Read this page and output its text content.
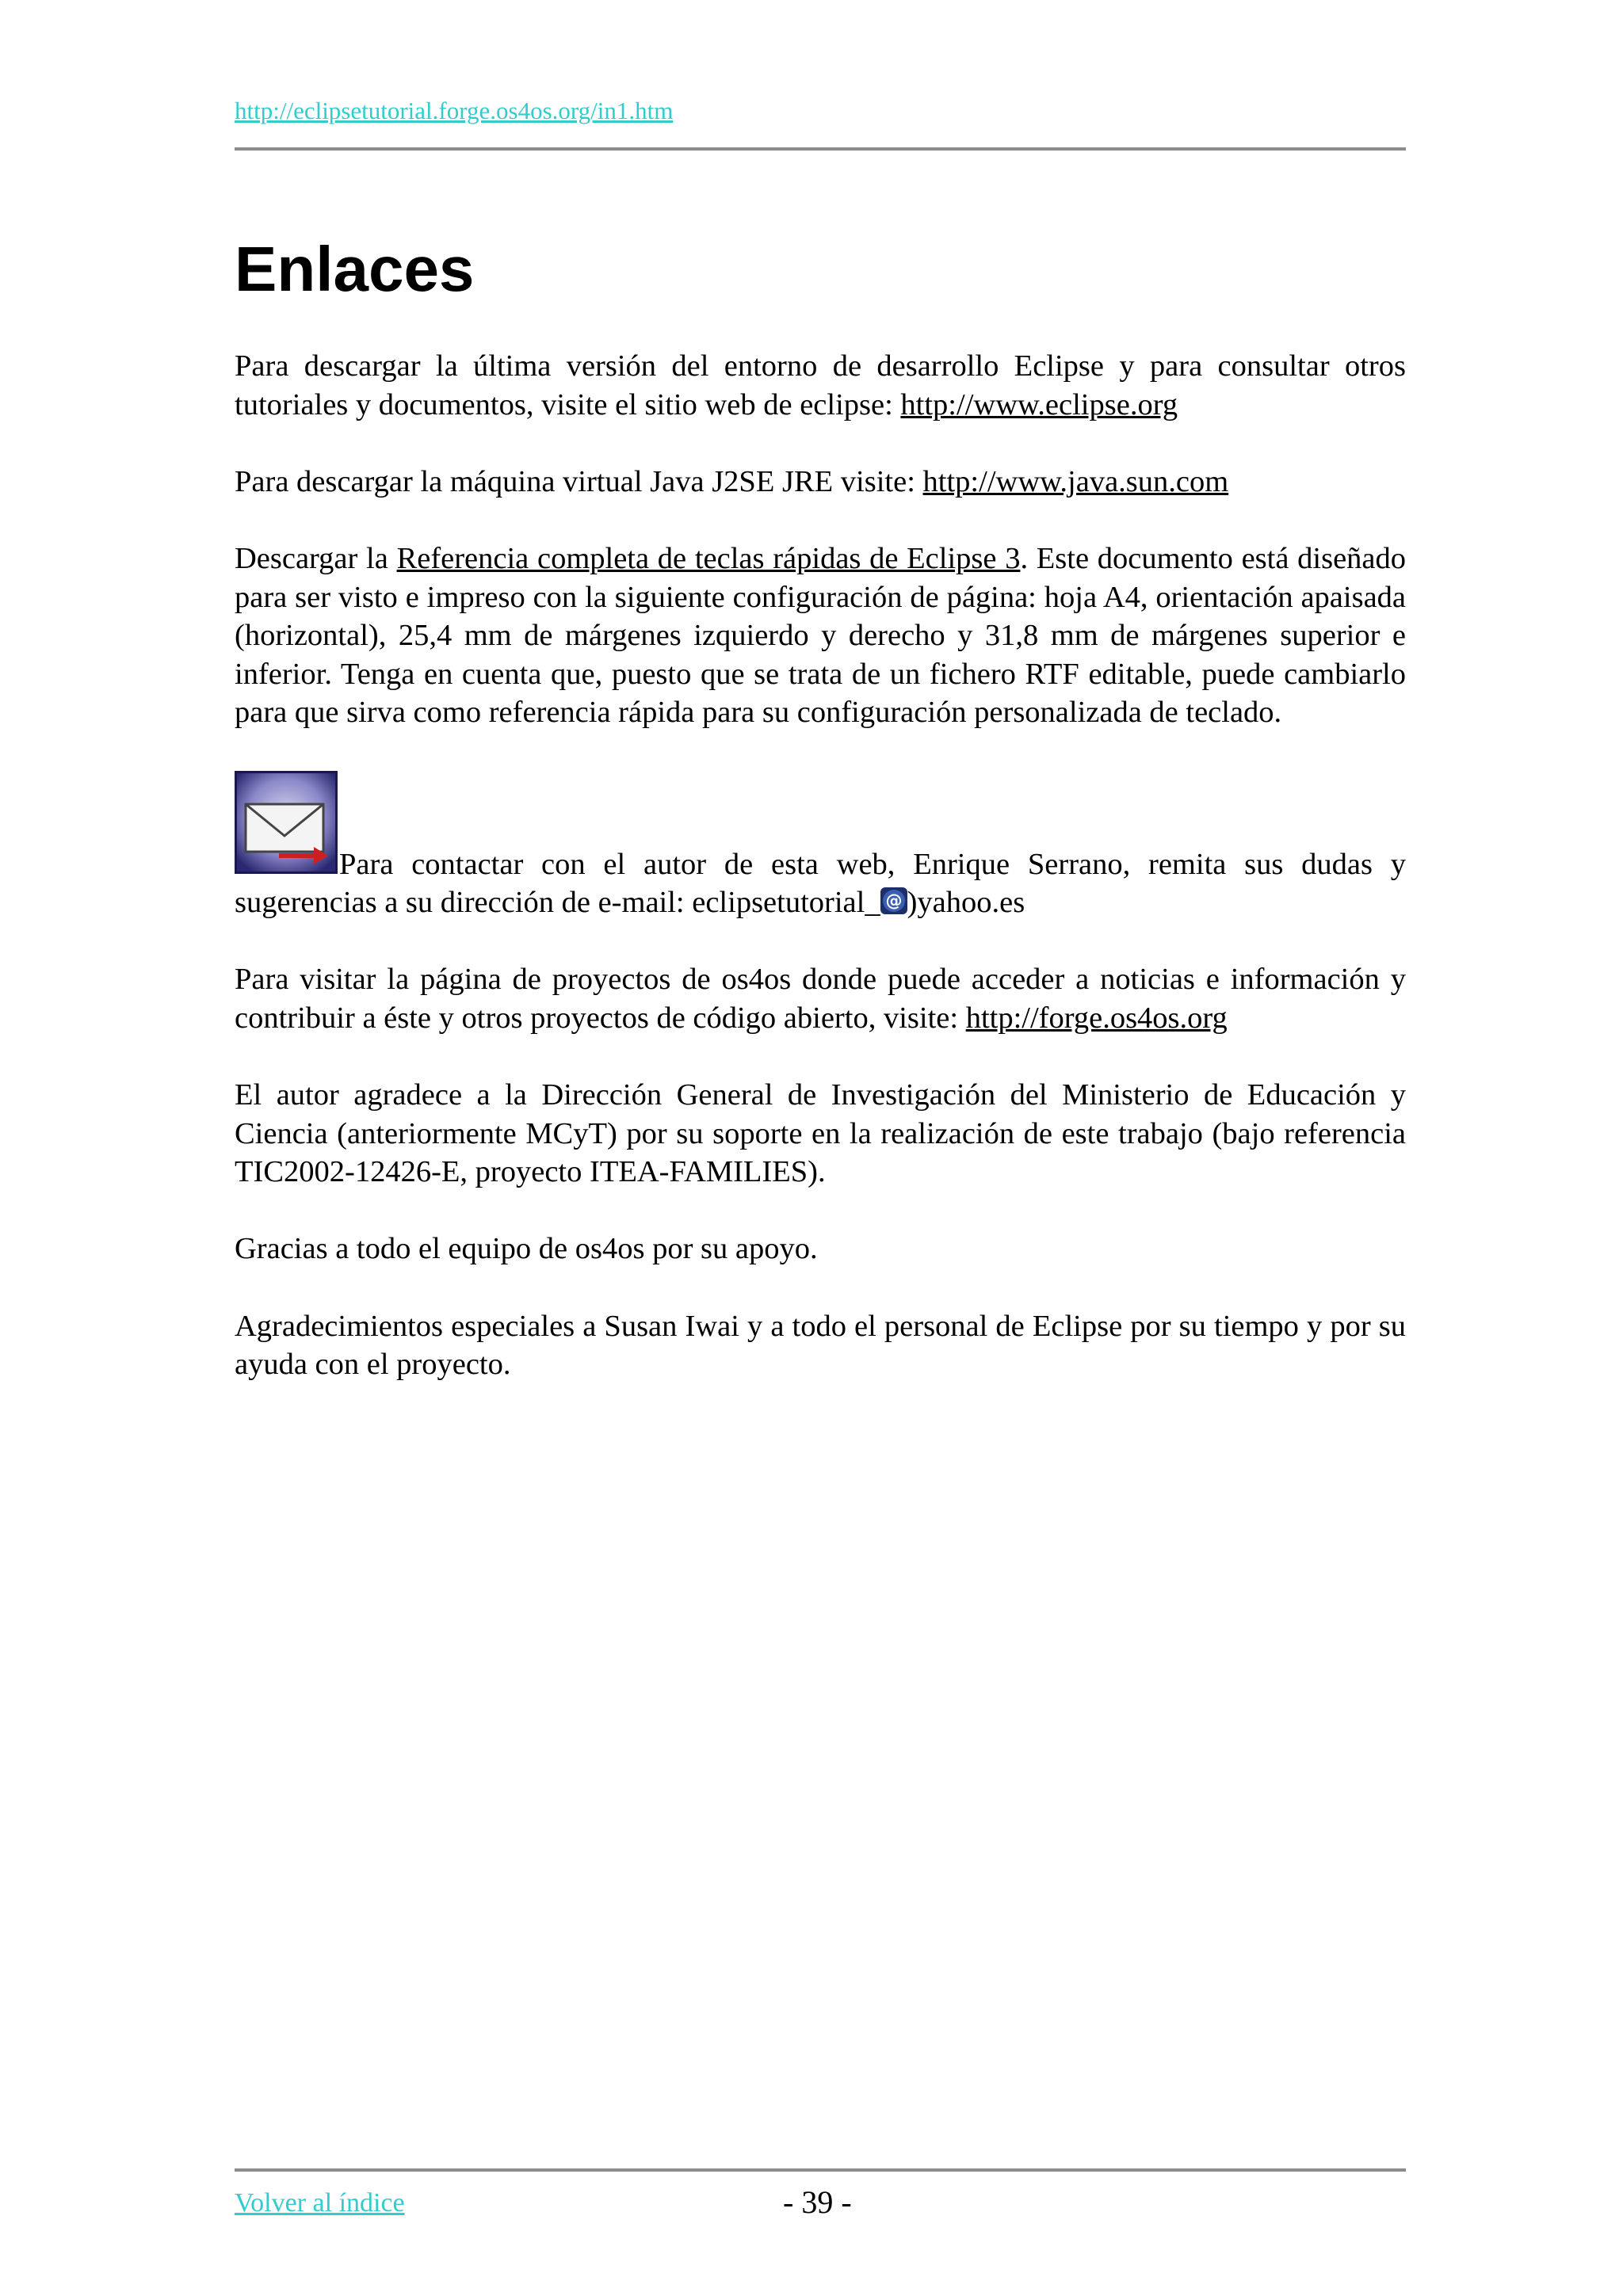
http://eclipsetutorial.forge.os4os.org/in1.htm
Enlaces

Para descargar la última versión del entorno de desarrollo Eclipse y para consultar otros tutoriales y documentos, visite el sitio web de eclipse: http://www.eclipse.org

Para descargar la máquina virtual Java J2SE JRE visite: http://www.java.sun.com

Descargar la Referencia completa de teclas rápidas de Eclipse 3. Este documento está diseñado para ser visto e impreso con la siguiente configuración de página: hoja A4, orientación apaisada (horizontal), 25,4 mm de márgenes izquierdo y derecho y 31,8 mm de márgenes superior e inferior. Tenga en cuenta que, puesto que se trata de un fichero RTF editable, puede cambiarlo para que sirva como referencia rápida para su configuración personalizada de teclado.

Para contactar con el autor de esta web, Enrique Serrano, remita sus dudas y sugerencias a su dirección de e-mail: eclipsetutorial_ @ )yahoo.es

Para visitar la página de proyectos de os4os donde puede acceder a noticias e información y contribuir a éste y otros proyectos de código abierto, visite: http://forge.os4os.org

El autor agradece a la Dirección General de Investigación del Ministerio de Educación y Ciencia (anteriormente MCyT) por su soporte en la realización de este trabajo (bajo referencia TIC2002-12426-E, proyecto ITEA-FAMILIES).

Gracias a todo el equipo de os4os por su apoyo.

Agradecimientos especiales a Susan Iwai y a todo el personal de Eclipse por su tiempo y por su ayuda con el proyecto.

Volver al índice	- 39 -
